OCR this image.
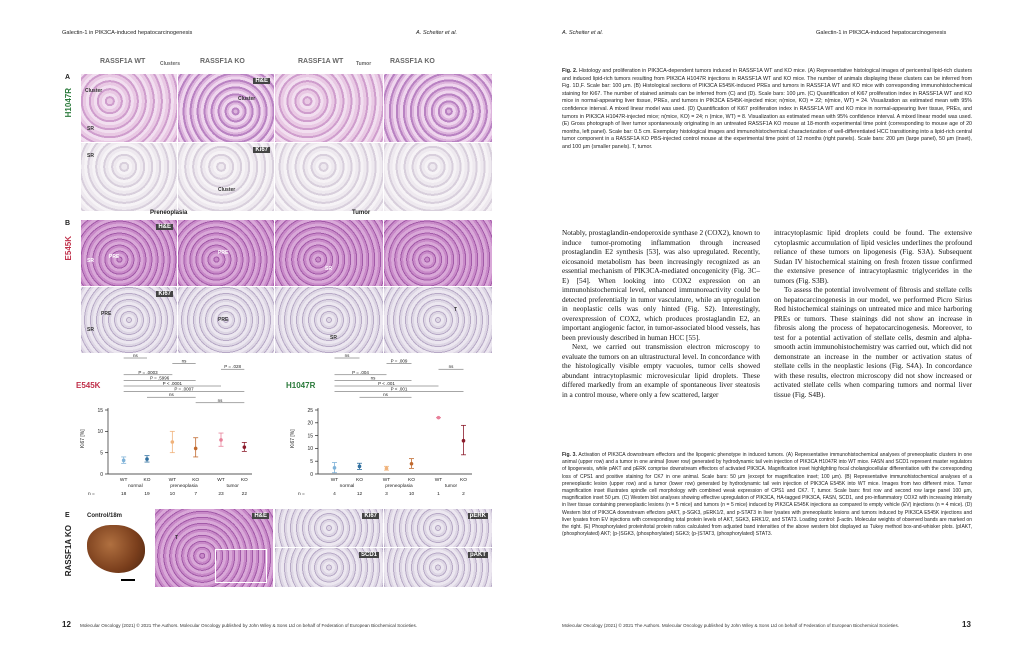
Galectin-1 in PIK3CA-induced hepatocarcinogenesis	A. Scheiter et al.
RASSF1A WT	Clusters	RASSF1A KO	RASSF1A WT	Tumor	RASSF1A KO
A
H1047R Cluster
SR
H&E
Cluster
SR
Ki67
Cluster
B
E545K
Preneoplasia	Tumor
H&E
PRE
SR
PRE
SR
Ki67
PRE
SR
PRE
SR
T
E545K
Ki67 [%]
0
5
10
15
WT
18
KO
19
WT
10
KO
7
WT
23
KO
22
n =
normal	preneoplasia	tumor
ns
ns
P = .028
P = .0003
P = .5996
P < .0001
P = .0007
ns
ns
H1047R
Ki67 [%]
0
5
10
15
20
25
WT
4
KO
12
WT
3
KO
10
WT
1
KO
2
n =
normal	preneoplasia	tumor
ns
P = .009
ns
P = .004
ns
P < .001
P < .001
ns
E
RASSF1A KO
Control/18m	H&E
T
Ki67	pERK
SCD1	pAKT
12 Molecular Oncology (2021) © 2021 The Authors. Molecular Oncology published by John Wiley & Sons Ltd on behalf of Federation of European Biochemical Societies.
A. Scheiter et al.	Galectin-1 in PIK3CA-induced hepatocarcinogenesis
Fig. 2. Histology and proliferation in PIK3CA-dependent tumors induced in RASSF1A WT and KO mice. (A) Representative histological images of pericentral lipid-rich clusters and induced lipid-rich tumors resulting from PIK3CA H1047R injections in RASSF1A WT and KO mice. The number of animals displaying these clusters can be inferred from Fig. 1D,F. Scale bar: 100 µm. (B) Histological sections of PIK3CA E545K-induced PREs and tumors in RASSF1A WT and KO mice with corresponding immunohistochemical staining for Ki67. The number of stained animals can be inferred from (C) and (D). Scale bars: 100 µm. (C) Quantification of Ki67 proliferation index in RASSF1A WT and KO mice in normal-appearing liver tissue, PREs, and tumors in PIK3CA E545K-injected mice; n(mice, KO) = 22; n(mice, WT) = 24. Visualization as estimated mean with 95% confidence interval. A mixed linear model was used. (D) Quantification of Ki67 proliferation index in RASSF1A WT and KO mice in normal-appearing liver tissue, PREs, and tumors in PIK3CA H1047R-injected mice; n(mice, KO) = 24; n (mice, WT) = 8. Visualization as estimated mean with 95% confidence interval. A mixed linear model was used. (E) Gross photograph of liver tumor spontaneously originating in an untreated RASSF1A KO mouse at 18-month experimental time point (corresponding to mouse age of 20 months, left panel). Scale bar: 0.5 cm. Exemplary histological images and immunohistochemical characterization of well-differentiated HCC transitioning into a lipid-rich central tumor component in a RASSF1A KO PBS-injected control mouse at the experimental time point of 12 months (right panels). Scale bars: 200 µm (large panel), 50 µm (inset), and 100 µm (smaller panels). T, tumor.

Notably, prostaglandin-endoperoxide synthase 2 (COX2), known to induce tumor-promoting inflammation through increased prostaglandin E2 synthesis [53], was also upregulated. Recently, eicosanoid metabolism has been increasingly recognized as an essential mechanism of PIK3CA-mediated oncogenicity (Fig. 3C–E) [54]. When looking into COX2 expression on an immunohistochemical level, enhanced immunoreactivity could be detected preferentially in tumor vasculature, while an upregulation in neoplastic cells was only hinted (Fig. S2). Interestingly, overexpression of COX2, which produces prostaglandin E2, an important angiogenic factor, in tumor-associated blood vessels, has been previously described in human HCC [55].

Next, we carried out transmission electron microscopy to evaluate the tumors on an ultrastructural level. In concordance with the histologically visible empty vacuoles, tumor cells showed abundant intracytoplasmic microvesicular lipid droplets. These differed markedly from an example of spontaneous liver steatosis in a control mouse, where only a few scattered, larger

intracytoplasmic lipid droplets could be found. The extensive cytoplasmic accumulation of lipid vesicles underlines the profound reliance of these tumors on lipogenesis (Fig. S3A). Subsequent Sudan IV histochemical staining on fresh frozen tissue confirmed the extensive presence of intracytoplasmic triglycerides in the tumors (Fig. S3B).

To assess the potential involvement of fibrosis and stellate cells on hepatocarcinogenesis in our model, we performed Picro Sirius Red histochemical stainings on untreated mice and mice harboring PREs or tumors. These stainings did not show an increase in fibrosis along the process of hepatocarcinogenesis. Moreover, to test for a potential activation of stellate cells, desmin and alpha-smooth actin immunohistochemistry was carried out, which did not demonstrate an increase in the number or activation status of stellate cells in the neoplastic lesions (Fig. S4A). In concordance with these results, electron microscopy did not show increased or activated stellate cells when comparing tumors and normal liver tissue (Fig. S4B).

Fig. 3. Activation of PIK3CA downstream effectors and the lipogenic phenotype in induced tumors. (A) Representative immunohistochemical analyses of preneoplastic clusters in one animal (upper row) and a tumor in one animal (lower row) generated by hydrodynamic tail vein injection of PIK3CA H1047R into WT mice. FASN and SCD1 represent master regulators of lipogenesis, while pAKT and pERK comprise downstream effectors of activated PIK3CA. Magnification inset highlighting focal cholangiocellular differentiation with the corresponding loss of CPS1 and positive staining for CK7 in one animal. Scale bars: 50 µm (except for magnification inset; 100 µm). (B) Representative immunohistochemical analyses of a preneoplastic lesion (upper row) and a tumor (lower row) generated by hydrodynamic tail vein injection of PIK3CA E545K into WT mice. Images from two different mice. Tumor magnification inset illustrates spindle cell morphology with combined weak expression of CPS1 and CK7. T, tumor. Scale bars: first row and second row large panel 100 µm, magnification inset 50 µm. (C) Western blot analyses showing effective upregulation of PIK3CA, HA-tagged PIK3CA, FASN, SCD1, and pro-inflammatory COX2 with increasing intensity in liver tissue containing preneoplastic lesions (n = 5 mice) and tumors (n = 5 mice) induced by PIK3CA E545K injections as compared to empty vehicle (EV) injections (n = 4 mice). (D) Western blot of PIK3CA downstream effectors pAKT, p-SGK3, pERK1/2, and p-STAT3 in liver lysates with preneoplastic lesions and tumors induced by PIK3CA E545K injections and liver lysates from EV injections with corresponding total protein levels of AKT, SGK3, ERK1/2, and STAT3. Loading control: β-actin. Molecular weights of observed bands are marked on the right. (E) Phosphorylated protein/total protein ratios calculated from adjusted band intensities of the above western blot displayed as Tukey method box-and-whisker plots. (pIAKT, (phosphorylated) AKT; (p-)SGK3, (phosphorylated) SGK3; (p-)STAT3, (phosphorylated) STAT3.
Molecular Oncology (2021) © 2021 The Authors. Molecular Oncology published by John Wiley & Sons Ltd on behalf of Federation of European Biochemical Societies.	13
